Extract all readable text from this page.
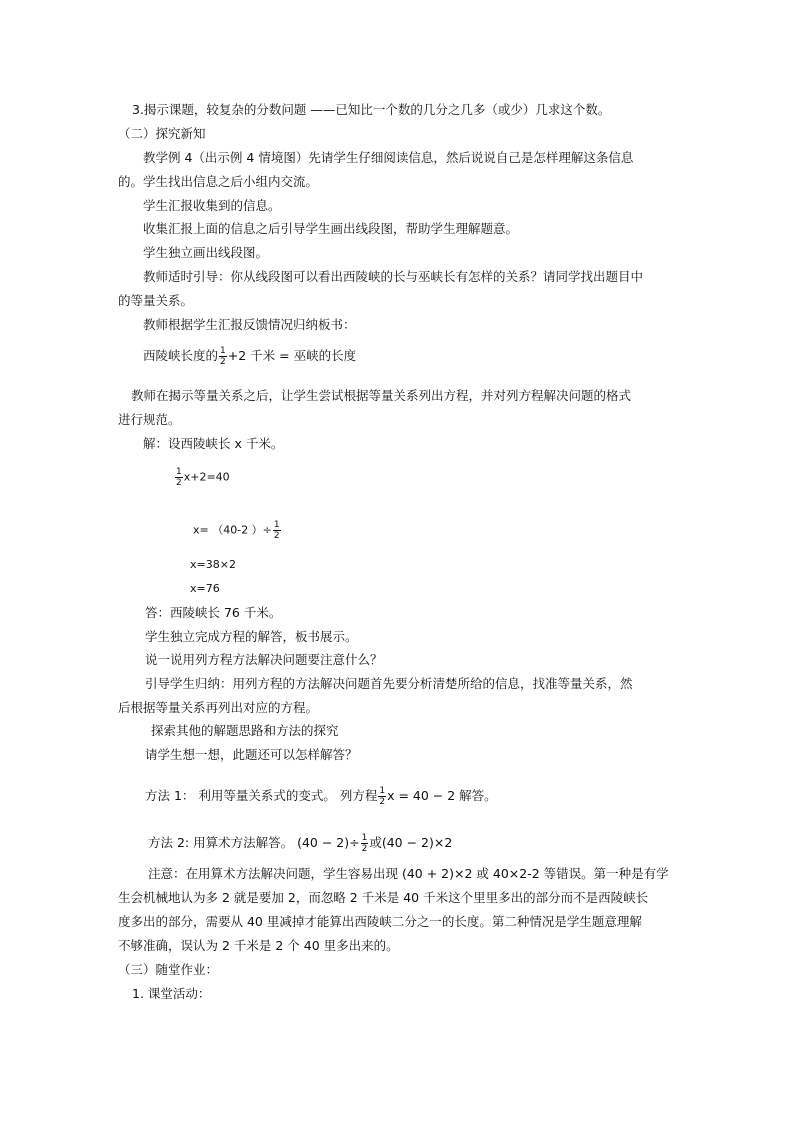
3.揭示课题，较复杂的分数问题 ——已知比一个数的几分之几多（或少）几求这个数。
（二）探究新知
教学例 4（出示例 4 情境图）先请学生仔细阅读信息，然后说说自己是怎样理解这条信息
的。学生找出信息之后小组内交流。
学生汇报收集到的信息。
收集汇报上面的信息之后引导学生画出线段图，帮助学生理解题意。
学生独立画出线段图。
教师适时引导：你从线段图可以看出西陵峡的长与巫峡长有怎样的关系？请同学找出题目中
的等量关系。
教师根据学生汇报反馈情况归纳板书：
西陵峡长度的 $\frac{1}{2} +2$ 千米 = 巫峡的长度
教师在揭示等量关系之后，让学生尝试根据等量关系列出方程，并对列方程解决问题的格式
进行规范。
解：设西陵峡长 x 千米。
$\frac{1}{2} x+2=40$
x= （40-2 ）÷ $\frac{1}{2}$
x=38×2
x=76
答：西陵峡长 76 千米。
学生独立完成方程的解答，板书展示。
说一说用列方程方法解决问题要注意什么？
引导学生归纳：用列方程的方法解决问题首先要分析清楚所给的信息，找准等量关系，然
后根据等量关系再列出对应的方程。
探索其他的解题思路和方法的探究
请学生想一想，此题还可以怎样解答？
方法 1： 利用等量关系式的变式。 列方程 $\frac{1}{2}$ x = 40 − 2 解答。
方法 2: 用算术方法解答。 $(40 - 2)\div \frac{1}{2}$ 或(40 − 2)×2
注意：在用算术方法解决问题，学生容易出现 (40 + 2)×2 或 40×2-2 等错误。第一种是有学
生会机械地认为多 2 就是要加 2，而忽略 2 千米是 40 千米这个里里多出的部分而不是西陵峡长
度多出的部分，需要从 40 里减掉才能算出西陵峡二分之一的长度。第二种情况是学生题意理解
不够准确，误认为 2 千米是 2 个 40 里多出来的。
（三）随堂作业：
1. 课堂活动：
